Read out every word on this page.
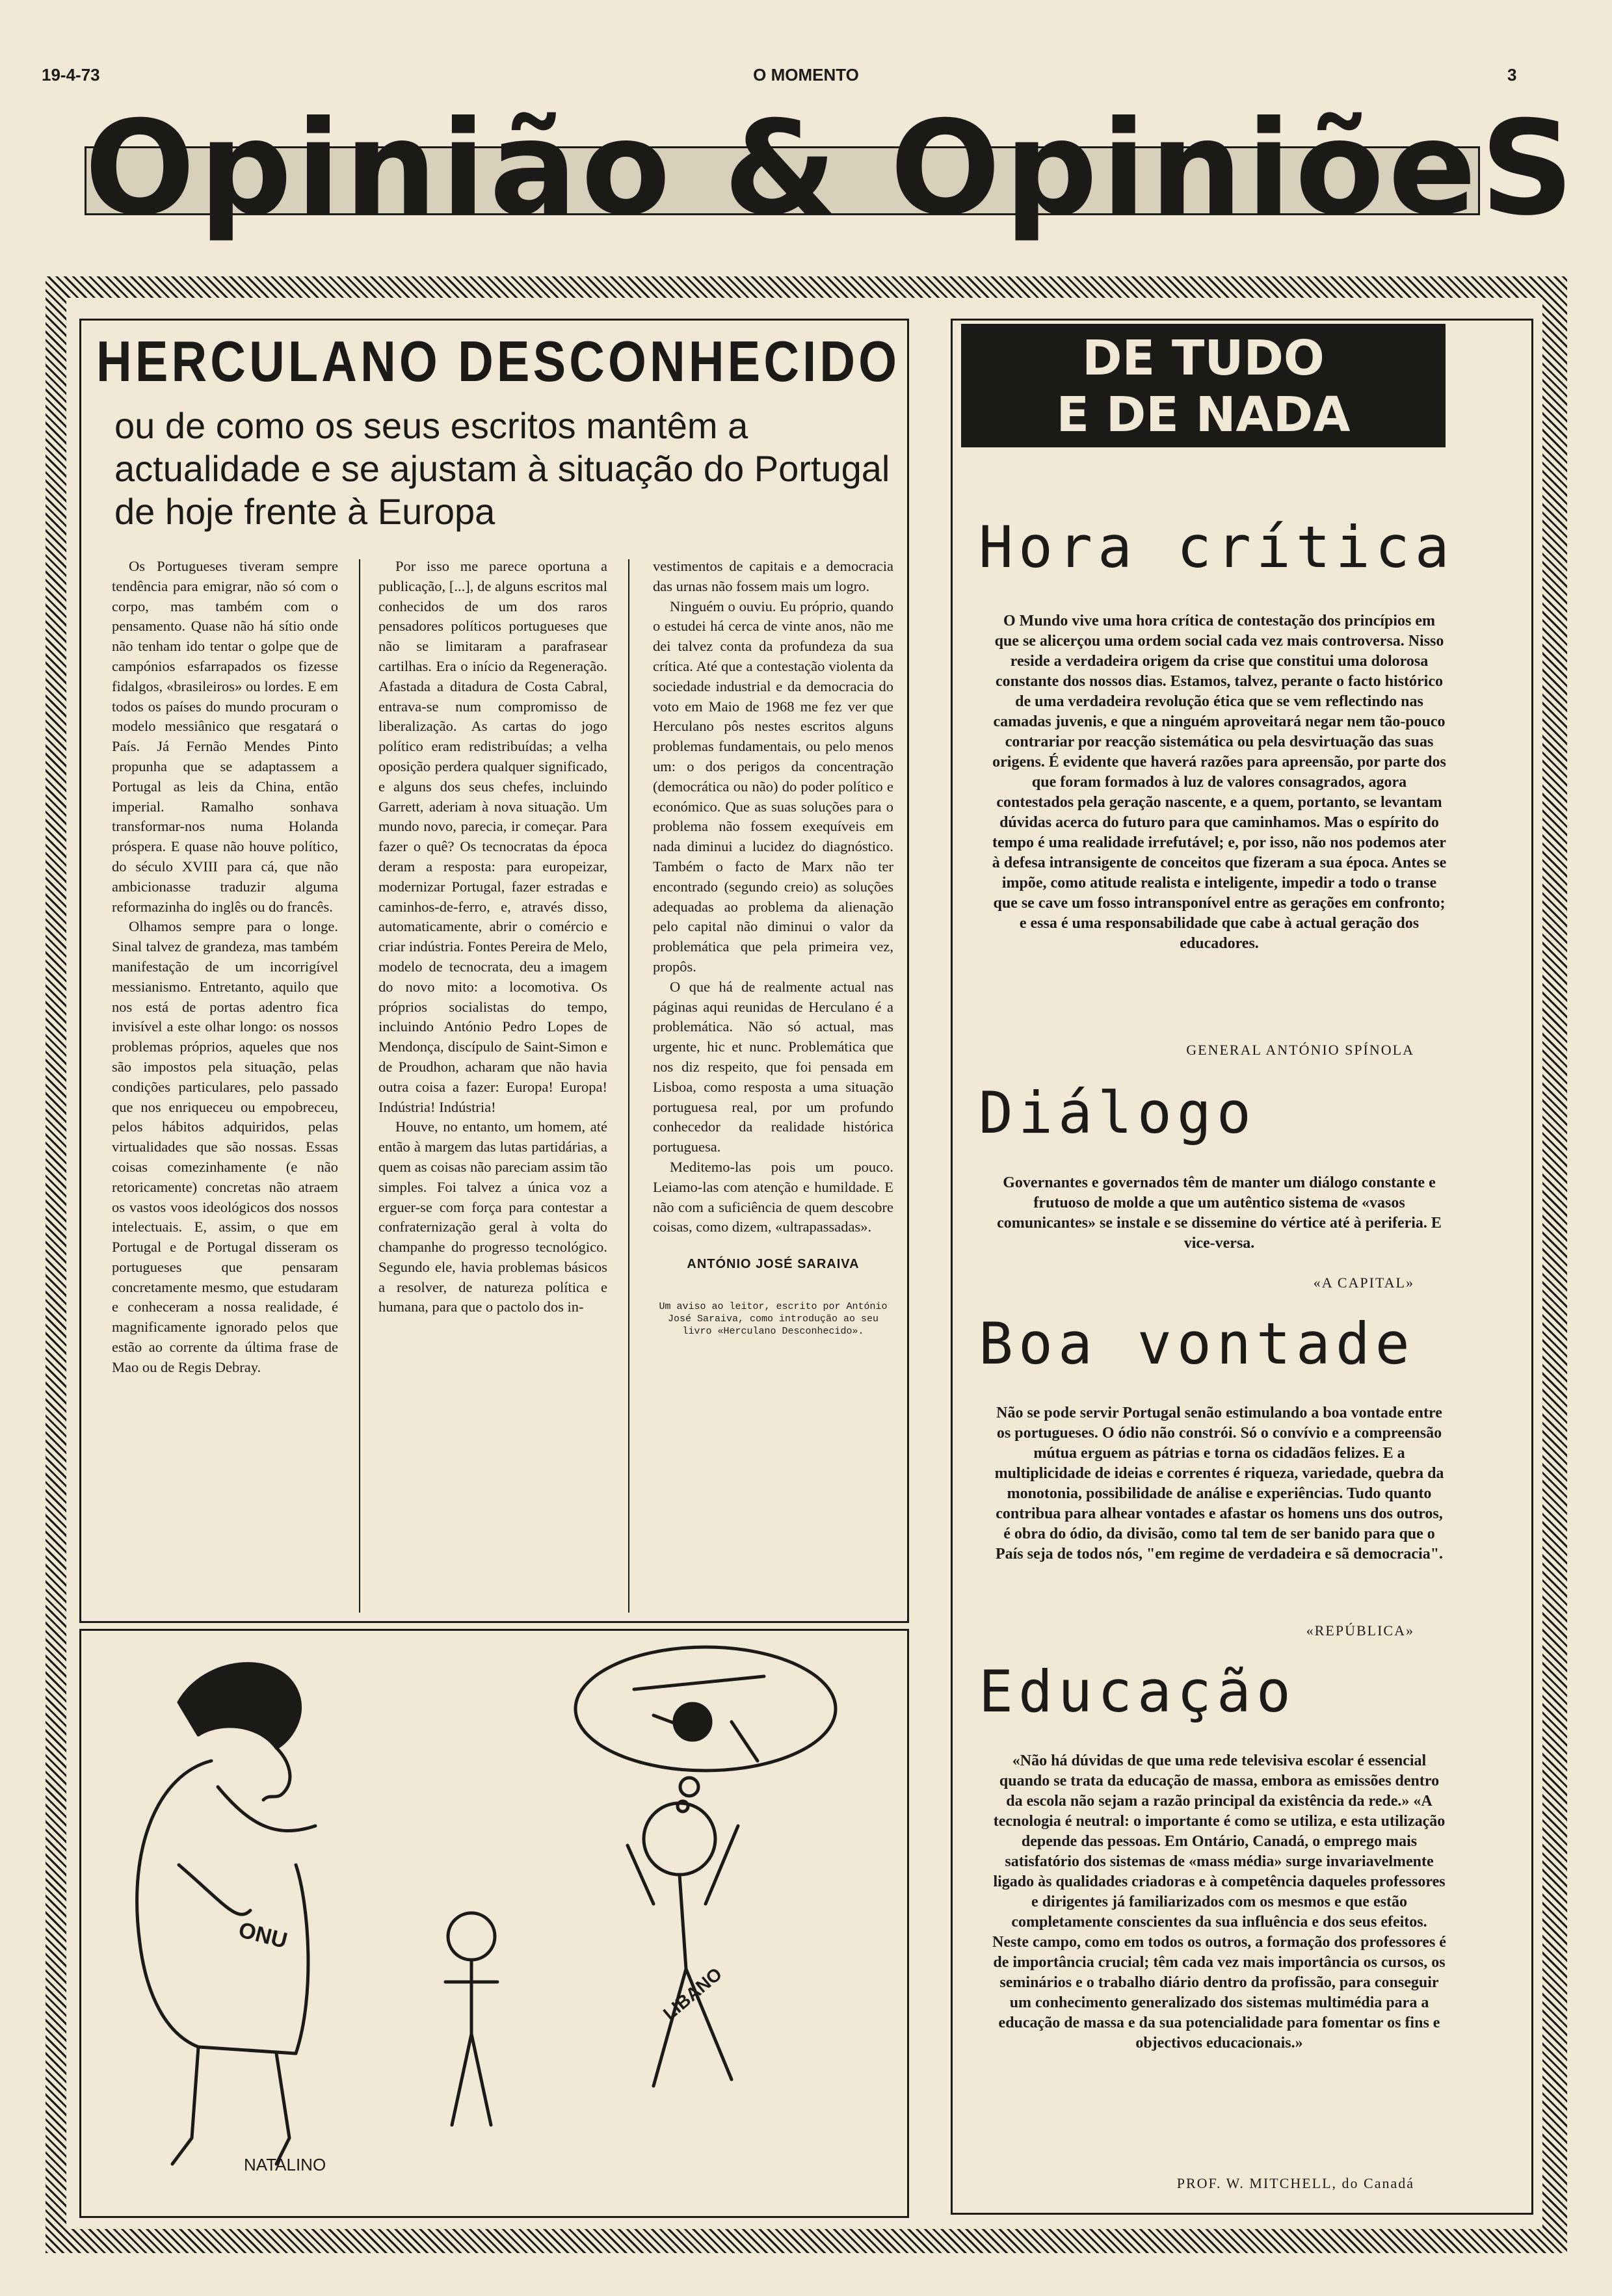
19-4-73	O MOMENTO	3
Opinião & OpiniõeS
HERCULANO DESCONHECIDO
ou de como os seus escritos mantêm a actualidade e se ajustam à situação do Portugal de hoje frente à Europa

Os Portugueses tiveram sempre tendência para emigrar, não só com o corpo, mas também com o pensamento. Quase não há sítio onde não tenham ido tentar o golpe que de campónios esfarrapados os fizesse fidalgos, «brasileiros» ou lordes. E em todos os países do mundo procuram o modelo messiânico que resgatará o País. Já Fernão Mendes Pinto propunha que se adaptassem a Portugal as leis da China, então imperial. Ramalho sonhava transformar-nos numa Holanda próspera. E quase não houve político, do século XVIII para cá, que não ambicionasse traduzir alguma reformazinha do inglês ou do francês.

Olhamos sempre para o longe. Sinal talvez de grandeza, mas também manifestação de um incorrigível messianismo. Entretanto, aquilo que nos está de portas adentro fica invisível a este olhar longo: os nossos problemas próprios, aqueles que nos são impostos pela situação, pelas condições particulares, pelo passado que nos enriqueceu ou empobreceu, pelos hábitos adquiridos, pelas virtualidades que são nossas. Essas coisas comezinhamente (e não retoricamente) concretas não atraem os vastos voos ideológicos dos nossos intelectuais. E, assim, o que em Portugal e de Portugal disseram os portugueses que pensaram concretamente mesmo, que estudaram e conheceram a nossa realidade, é magnificamente ignorado pelos que estão ao corrente da última frase de Mao ou de Regis Debray.

Por isso me parece oportuna a publicação, [...], de alguns escritos mal conhecidos de um dos raros pensadores políticos portugueses que não se limitaram a parafrasear cartilhas. Era o início da Regeneração. Afastada a ditadura de Costa Cabral, entrava-se num compromisso de liberalização. As cartas do jogo político eram redistribuídas; a velha oposição perdera qualquer significado, e alguns dos seus chefes, incluindo Garrett, aderiam à nova situação. Um mundo novo, parecia, ir começar. Para fazer o quê? Os tecnocratas da época deram a resposta: para europeizar, modernizar Portugal, fazer estradas e caminhos-de-ferro, e, através disso, automaticamente, abrir o comércio e criar indústria. Fontes Pereira de Melo, modelo de tecnocrata, deu a imagem do novo mito: a locomotiva. Os próprios socialistas do tempo, incluindo António Pedro Lopes de Mendonça, discípulo de Saint-Simon e de Proudhon, acharam que não havia outra coisa a fazer: Europa! Europa! Indústria! Indústria!

Houve, no entanto, um homem, até então à margem das lutas partidárias, a quem as coisas não pareciam assim tão simples. Foi talvez a única voz a erguer-se com força para contestar a confraternização geral à volta do champanhe do progresso tecnológico. Segundo ele, havia problemas básicos a resolver, de natureza política e humana, para que o pactolo dos in-

vestimentos de capitais e a democracia das urnas não fossem mais um logro.

Ninguém o ouviu. Eu próprio, quando o estudei há cerca de vinte anos, não me dei talvez conta da profundeza da sua crítica. Até que a contestação violenta da sociedade industrial e da democracia do voto em Maio de 1968 me fez ver que Herculano pôs nestes escritos alguns problemas fundamentais, ou pelo menos um: o dos perigos da concentração (democrática ou não) do poder político e económico. Que as suas soluções para o problema não fossem exequíveis em nada diminui a lucidez do diagnóstico. Também o facto de Marx não ter encontrado (segundo creio) as soluções adequadas ao problema da alienação pelo capital não diminui o valor da problemática que pela primeira vez, propôs.

O que há de realmente actual nas páginas aqui reunidas de Herculano é a problemática. Não só actual, mas urgente, hic et nunc. Problemática que nos diz respeito, que foi pensada em Lisboa, como resposta a uma situação portuguesa real, por um profundo conhecedor da realidade histórica portuguesa.

Meditemo-las pois um pouco. Leiamo-las com atenção e humildade. E não com a suficiência de quem descobre coisas, como dizem, «ultrapassadas».

ANTÓNIO JOSÉ SARAIVA
Um aviso ao leitor, escrito por António José Saraiva, como introdução ao seu livro «Herculano Desconhecido».
ONU
LIBANO
NATALINO
DE TUDO
E DE NADA
Hora crítica
O Mundo vive uma hora crítica de contestação dos princípios em que se alicerçou uma ordem social cada vez mais controversa. Nisso reside a verdadeira origem da crise que constitui uma dolorosa constante dos nossos dias. Estamos, talvez, perante o facto histórico de uma verdadeira revolução ética que se vem reflectindo nas camadas juvenis, e que a ninguém aproveitará negar nem tão-pouco contrariar por reacção sistemática ou pela desvirtuação das suas origens. É evidente que haverá razões para apreensão, por parte dos que foram formados à luz de valores consagrados, agora contestados pela geração nascente, e a quem, portanto, se levantam dúvidas acerca do futuro para que caminhamos. Mas o espírito do tempo é uma realidade irrefutável; e, por isso, não nos podemos ater à defesa intransigente de conceitos que fizeram a sua época. Antes se impõe, como atitude realista e inteligente, impedir a todo o transe que se cave um fosso intransponível entre as gerações em confronto; e essa é uma responsabilidade que cabe à actual geração dos educadores.
GENERAL ANTÓNIO SPÍNOLA
Diálogo
Governantes e governados têm de manter um diálogo constante e frutuoso de molde a que um autêntico sistema de «vasos comunicantes» se instale e se dissemine do vértice até à periferia. E vice-versa.
«A CAPITAL»
Boa vontade
Não se pode servir Portugal senão estimulando a boa vontade entre os portugueses. O ódio não constrói. Só o convívio e a compreensão mútua erguem as pátrias e torna os cidadãos felizes. E a multiplicidade de ideias e correntes é riqueza, variedade, quebra da monotonia, possibilidade de análise e experiências. Tudo quanto contribua para alhear vontades e afastar os homens uns dos outros, é obra do ódio, da divisão, como tal tem de ser banido para que o País seja de todos nós, "em regime de verdadeira e sã democracia".
«REPÚBLICA»
Educação
«Não há dúvidas de que uma rede televisiva escolar é essencial quando se trata da educação de massa, embora as emissões dentro da escola não sejam a razão principal da existência da rede.» «A tecnologia é neutral: o importante é como se utiliza, e esta utilização depende das pessoas. Em Ontário, Canadá, o emprego mais satisfatório dos sistemas de «mass média» surge invariavelmente ligado às qualidades criadoras e à competência daqueles professores e dirigentes já familiarizados com os mesmos e que estão completamente conscientes da sua influência e dos seus efeitos. Neste campo, como em todos os outros, a formação dos professores é de importância crucial; têm cada vez mais importância os cursos, os seminários e o trabalho diário dentro da profissão, para conseguir um conhecimento generalizado dos sistemas multimédia para a educação de massa e da sua potencialidade para fomentar os fins e objectivos educacionais.»
PROF. W. MITCHELL, do Canadá
